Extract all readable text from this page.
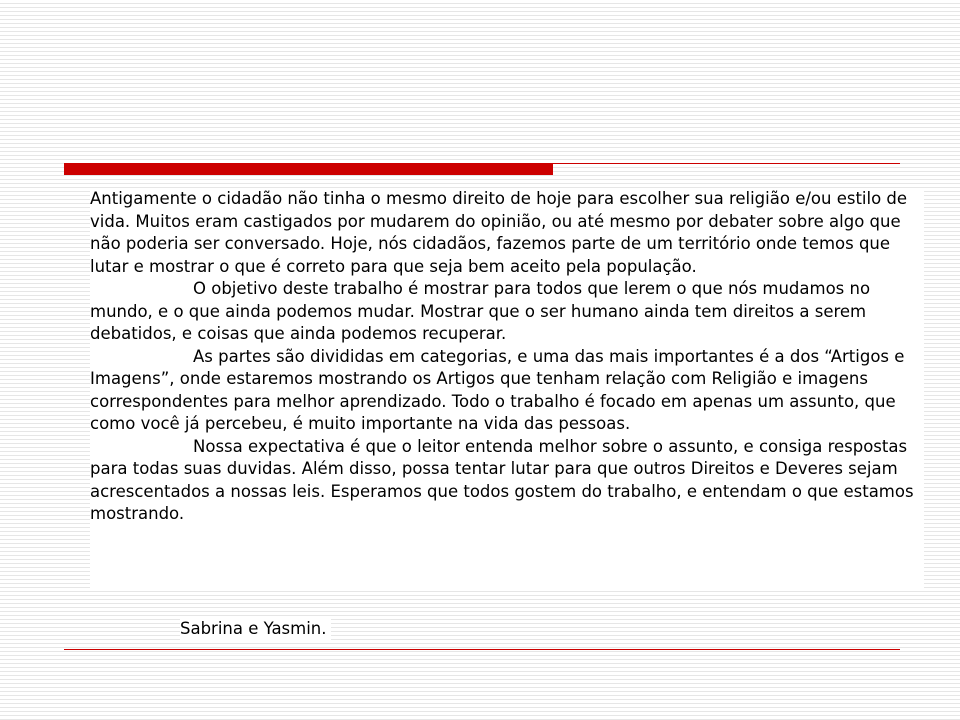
Antigamente o cidadão não tinha o mesmo direito de hoje para escolher sua religião e/ou estilo de vida. Muitos eram castigados por mudarem do opinião, ou até mesmo por debater sobre algo que não poderia ser conversado. Hoje, nós cidadãos, fazemos parte de um território onde temos que lutar e mostrar o que é correto para que seja bem aceito pela população.

O objetivo deste trabalho é mostrar para todos que lerem o que nós mudamos no mundo, e o que ainda podemos mudar. Mostrar que o ser humano ainda tem direitos a serem debatidos, e coisas que ainda podemos recuperar.

As partes são divididas em categorias, e uma das mais importantes é a dos “Artigos e Imagens”, onde estaremos mostrando os Artigos que tenham relação com Religião e imagens correspondentes para melhor aprendizado. Todo o trabalho é focado em apenas um assunto, que como você já percebeu, é muito importante na vida das pessoas.

Nossa expectativa é que o leitor entenda melhor sobre o assunto, e consiga respostas para todas suas duvidas. Além disso, possa tentar lutar para que outros Direitos e Deveres sejam acrescentados a nossas leis. Esperamos que todos gostem do trabalho, e entendam o que estamos mostrando.

Sabrina e Yasmin.
